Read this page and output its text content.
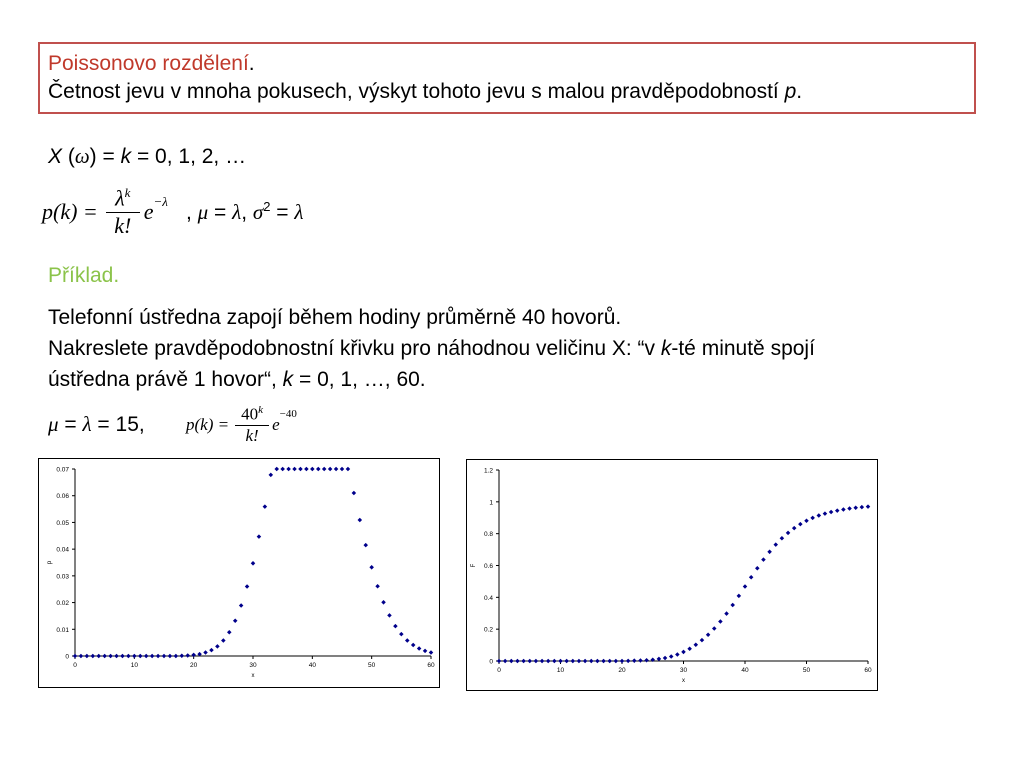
Poissonovo rozdělení.
Četnost jevu v mnoha pokusech, výskyt tohoto jevu s malou pravděpodobností p.
X (ω) = k = 0, 1, 2, …
$p(k) = \frac{\lambda^k}{k!} e^{-\lambda}$ , μ = λ, $\sigma^2 = \lambda$
Příklad.
Telefonní ústředna zapojí během hodiny průměrně 40 hovorů.
Nakreslete pravděpodobnostní křivku pro náhodnou veličinu X: “v k-té minutě spojí
ústředna právě 1 hovor“, k = 0, 1, …, 60.
μ = λ = 15, $p(k) = \frac{40^k}{k!}$ e
$^{-40}$
0
0.01
0.02
0.03
0.04
0.05
0.06
0.07
0	10	20	30	40	50	60
x
p
0
0.2
0.4
0.6
0.8
1
1.2
0	10	20	30	40	50	60
x
F
